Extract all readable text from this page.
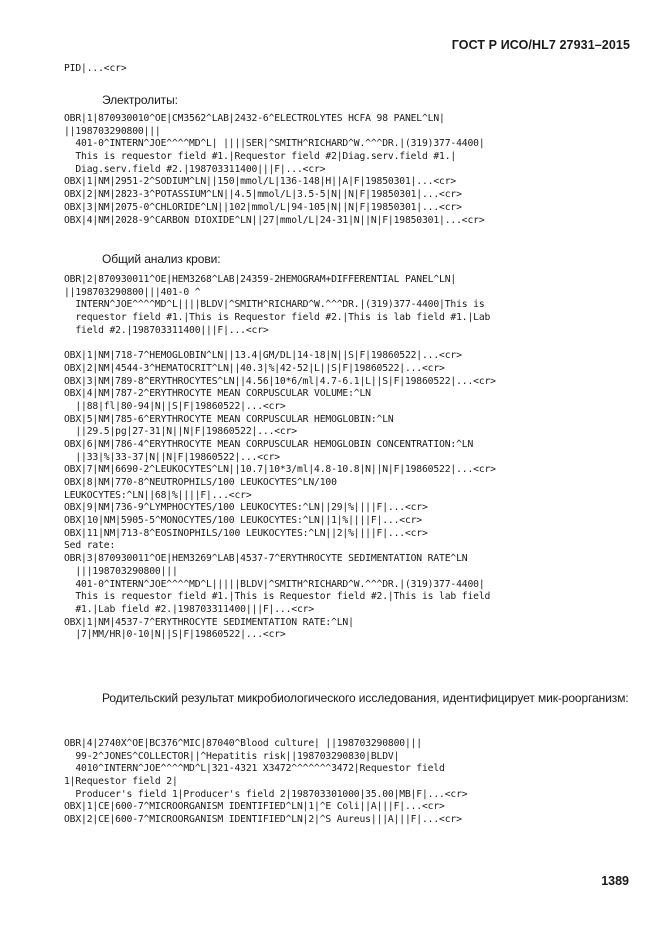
ГОСТ Р ИСО/HL7 27931–2015
PID|...<cr>
Электролиты:
OBR|1|870930010^OE|CM3562^LAB|2432-6^ELECTROLYTES HCFA 98 PANEL^LN|
||198703290800|||
401-0^INTERN^JOE^^^^MD^L| ||||SER|^SMITH^RICHARD^W.^^^DR.|(319)377-4400|
This is requestor field #1.|Requestor field #2|Diag.serv.field #1.|
Diag.serv.field #2.|198703311400|||F|...<cr>
OBX|1|NM|2951-2^SODIUM^LN||150|mmol/L|136-148|H||A|F|19850301|...<cr>
OBX|2|NM|2823-3^POTASSIUM^LN||4.5|mmol/L|3.5-5|N||N|F|19850301|...<cr>
OBX|3|NM|2075-0^CHLORIDE^LN||102|mmol/L|94-105|N||N|F|19850301|...<cr>
OBX|4|NM|2028-9^CARBON DIOXIDE^LN||27|mmol/L|24-31|N||N|F|19850301|...<cr>
Общий анализ крови:
OBR|2|870930011^OE|HEM3268^LAB|24359-2HEMOGRAM+DIFFERENTIAL PANEL^LN|
||198703290800|||401-0 ^
INTERN^JOE^^^^MD^L||||BLDV|^SMITH^RICHARD^W.^^^DR.|(319)377-4400|This is
requestor field #1.|This is Requestor field #2.|This is lab field #1.|Lab
field #2.|198703311400|||F|...<cr>
OBX|1|NM|718-7^HEMOGLOBIN^LN||13.4|GM/DL|14-18|N||S|F|19860522|...<cr>
OBX|2|NM|4544-3^HEMATOCRIT^LN||40.3|%|42-52|L||S|F|19860522|...<cr>
OBX|3|NM|789-8^ERYTHROCYTES^LN||4.56|10*6/ml|4.7-6.1|L||S|F|19860522|...<cr>
OBX|4|NM|787-2^ERYTHROCYTE MEAN CORPUSCULAR VOLUME:^LN
||88|fl|80-94|N||S|F|19860522|...<cr>
OBX|5|NM|785-6^ERYTHROCYTE MEAN CORPUSCULAR HEMOGLOBIN:^LN
||29.5|pg|27-31|N||N|F|19860522|...<cr>
OBX|6|NM|786-4^ERYTHROCYTE MEAN CORPUSCULAR HEMOGLOBIN CONCENTRATION:^LN
||33|%|33-37|N||N|F|19860522|...<cr>
OBX|7|NM|6690-2^LEUKOCYTES^LN||10.7|10*3/ml|4.8-10.8|N||N|F|19860522|...<cr>
OBX|8|NM|770-8^NEUTROPHILS/100 LEUKOCYTES^LN/100
LEUKOCYTES:^LN||68|%||||F|...<cr>
OBX|9|NM|736-9^LYMPHOCYTES/100 LEUKOCYTES:^LN||29|%||||F|...<cr>
OBX|10|NM|5905-5^MONOCYTES/100 LEUKOCYTES:^LN||1|%||||F|...<cr>
OBX|11|NM|713-8^EOSINOPHILS/100 LEUKOCYTES:^LN||2|%||||F|...<cr>
Sed rate:
OBR|3|870930011^OE|HEM3269^LAB|4537-7^ERYTHROCYTE SEDIMENTATION RATE^LN
|||198703290800|||
401-0^INTERN^JOE^^^^MD^L|||||BLDV|^SMITH^RICHARD^W.^^^DR.|(319)377-4400|
This is requestor field #1.|This is Requestor field #2.|This is lab field
#1.|Lab field #2.|198703311400|||F|...<cr>
OBX|1|NM|4537-7^ERYTHROCYTE SEDIMENTATION RATE:^LN|
|7|MM/HR|0-10|N||S|F|19860522|...<cr>

Родительский результат микробиологического исследования, идентифицирует мик-роорганизм:

OBR|4|2740X^OE|BC376^MIC|87040^Blood culture| ||198703290800|||
99-2^JONES^COLLECTOR||^Hepatitis risk||198703290830|BLDV|
4010^INTERN^JOE^^^^MD^L|321-4321 X3472^^^^^^^3472|Requestor field
1|Requestor field 2|
Producer's field 1|Producer's field 2|198703301000|35.00|MB|F|...<cr>
OBX|1|CE|600-7^MICROORGANISM IDENTIFIED^LN|1|^E Coli||A|||F|...<cr>
OBX|2|CE|600-7^MICROORGANISM IDENTIFIED^LN|2|^S Aureus|||A|||F|...<cr>
1389
